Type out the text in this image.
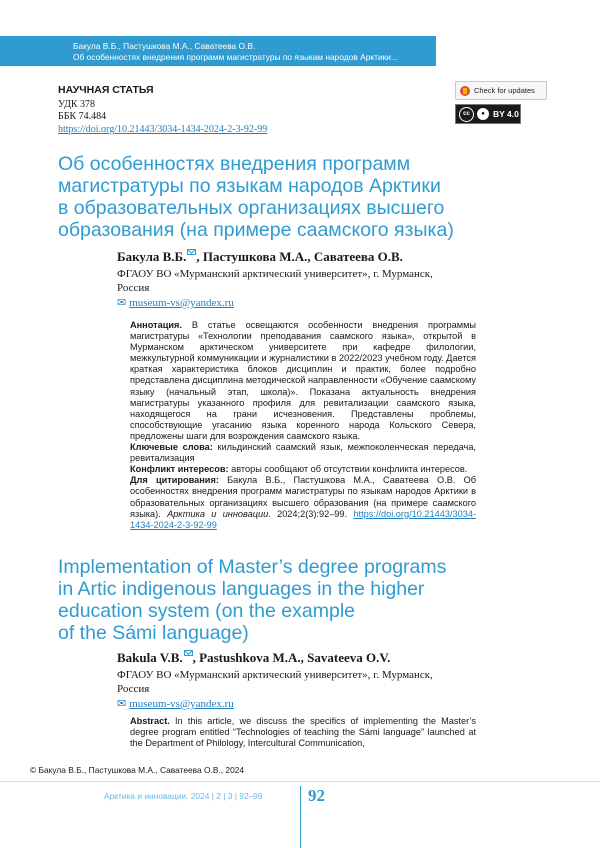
Бакула В.Б., Пастушкова М.А., Саватеева О.В.
Об особенностях внедрения программ магистратуры по языкам народов Арктики...
НАУЧНАЯ СТАТЬЯ
УДК 378
ББК 74.484
https://doi.org/10.21443/3034-1434-2024-2-3-92-99
Check for updates
cc	● BY 4.0
Об особенностях внедрения программ
магистратуры по языкам народов Арктики
в образовательных организациях высшего
образования (на примере саамского языка)
Бакула В.Б. , Пастушкова М.А., Саватеева О.В.
ФГАОУ ВО «Мурманский арктический университет», г. Мурманск,
Россия
✉ museum-vs@yandex.ru

Аннотация. В статье освещаются особенности внедрения программы магистратуры «Технологии преподавания саамского языка», открытой в Мурманском арктическом университете при кафедре филологии, межкультурной коммуникации и журналистики в 2022/2023 учебном году. Дается краткая характеристика блоков дисциплин и практик, более подробно представлена дисциплина методической направленности «Обучение саамскому языку (начальный этап, школа)». Показана актуальность внедрения магистратуры указанного профиля для ревитализации саамского языка, находящегося на грани исчезновения. Представлены проблемы, способствующие угасанию языка коренного народа Кольского Севера, предложены шаги для возрождения саамского языка.

Ключевые слова: кильдинский саамский язык, межпоколенческая передача, ревитализация

Конфликт интересов: авторы сообщают об отсутствии конфликта интересов.

Для цитирования: Бакула В.Б., Пастушкова М.А., Саватеева О.В. Об особенностях внедрения программ магистратуры по языкам народов Арктики в образовательных организациях высшего образования (на примере саамского языка). Арктика и инновации. 2024;2(3):92–99. https://doi.org/10.21443/3034-1434-2024-2-3-92-99

Implementation of Master’s degree programs
in Artic indigenous languages in the higher
education system (on the example
of the Sámi language)
Bakula V.B. , Pastushkova M.A., Savateeva O.V.
ФГАОУ ВО «Мурманский арктический университет», г. Мурманск,
Россия
✉ museum-vs@yandex.ru

Abstract. In this article, we discuss the specifics of implementing the Master’s degree program entitled “Technologies of teaching the Sámi language” launched at the Department of Philology, Intercultural Communication,

© Бакула В.Б., Пастушкова М.А., Саватеева О.В., 2024
Арктика и инновации. 2024 | 2 | 3 | 92–99	92
